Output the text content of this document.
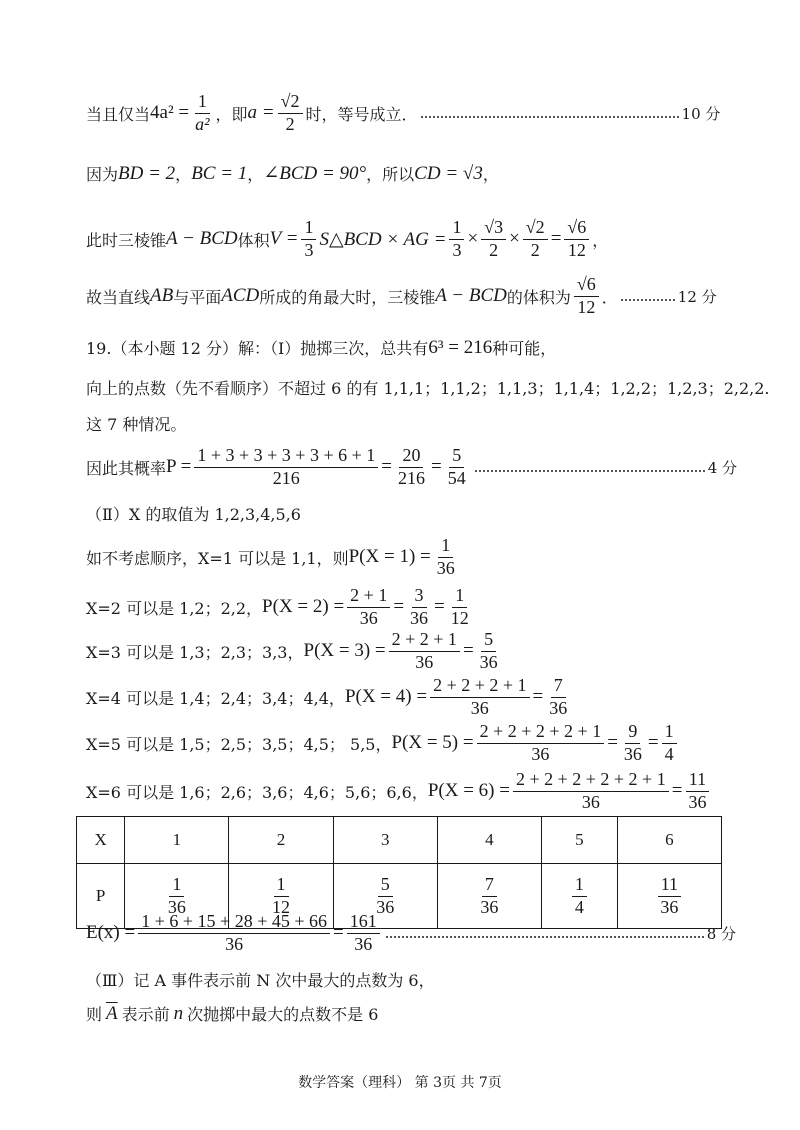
当且仅当 $4a^2 = \frac{1}{\text{a²}}$ ，即 $a = \frac{√2}{2}$ 时，等号成立．	10 分
因为 BD = 2 ， BC = 1 ， ∠BCD = 90° ，所以 CD = √3 ，
此时三棱锥 A − BCD 体积 $V = \frac{1}{3}$ S△BCD × AG = $\frac{1}{3} \times \frac{√3}{2} \times \frac{√2}{2} = \frac{√6}{12}$ ，
故当直线 AB 与平面 ACD 所成的角最大时，三棱锥 A − BCD 的体积为 $\frac{√6}{12}$ ．	12 分
19.（本小题 12 分）解：（Ⅰ）抛掷三次，总共有 6³ = 216 种可能，
向上的点数（先不看顺序）不超过 6 的有 1,1,1；1,1,2；1,1,3；1,1,4；1,2,2；1,2,3；2,2,2.
这 7 种情况。
因此其概率 $P = \frac{1 + 3 + 3 + 3 + 3 + 6 + 1}{216} = \frac{20}{216} = \frac{5}{54}$	4 分
（Ⅱ）X 的取值为 1,2,3,4,5,6
如不考虑顺序，X=1 可以是 1,1，则 $P(X = 1) = \frac{1}{36}$
X=2 可以是 1,2；2,2， $P(X = 2) = \frac{2 + 1}{36} = \frac{3}{36} = \frac{1}{12}$
X=3 可以是 1,3；2,3；3,3， $P(X = 3) = \frac{2 + 2 + 1}{36} = \frac{5}{36}$
X=4 可以是 1,4；2,4；3,4；4,4， $P(X = 4) = \frac{2 + 2 + 2 + 1}{36} = \frac{7}{36}$
X=5 可以是 1,5；2,5；3,5；4,5； 5,5， $P(X = 5) = \frac{2 + 2 + 2 + 2 + 1}{36} = \frac{9}{36} = \frac{1}{4}$
X=6 可以是 1,6；2,6；3,6；4,6；5,6；6,6， $P(X = 6) = \frac{2 + 2 + 2 + 2 + 2 + 1}{36} = \frac{11}{36}$
X	1	2	3	4	5	6
P	$\frac{1}{36}$	$\frac{1}{12}$	$\frac{5}{36}$	$\frac{7}{36}$	$\frac{1}{4}$	$\frac{11}{36}$
$E(x) = \frac{1 + 6 + 15 + 28 + 45 + 66}{36} = \frac{161}{36}$	8 分
（Ⅲ）记 A 事件表示前 N 次中最大的点数为 6，
则 $\overline{A}$ 表示前 n 次抛掷中最大的点数不是 6
数学答案（理科） 第 3页 共 7页
